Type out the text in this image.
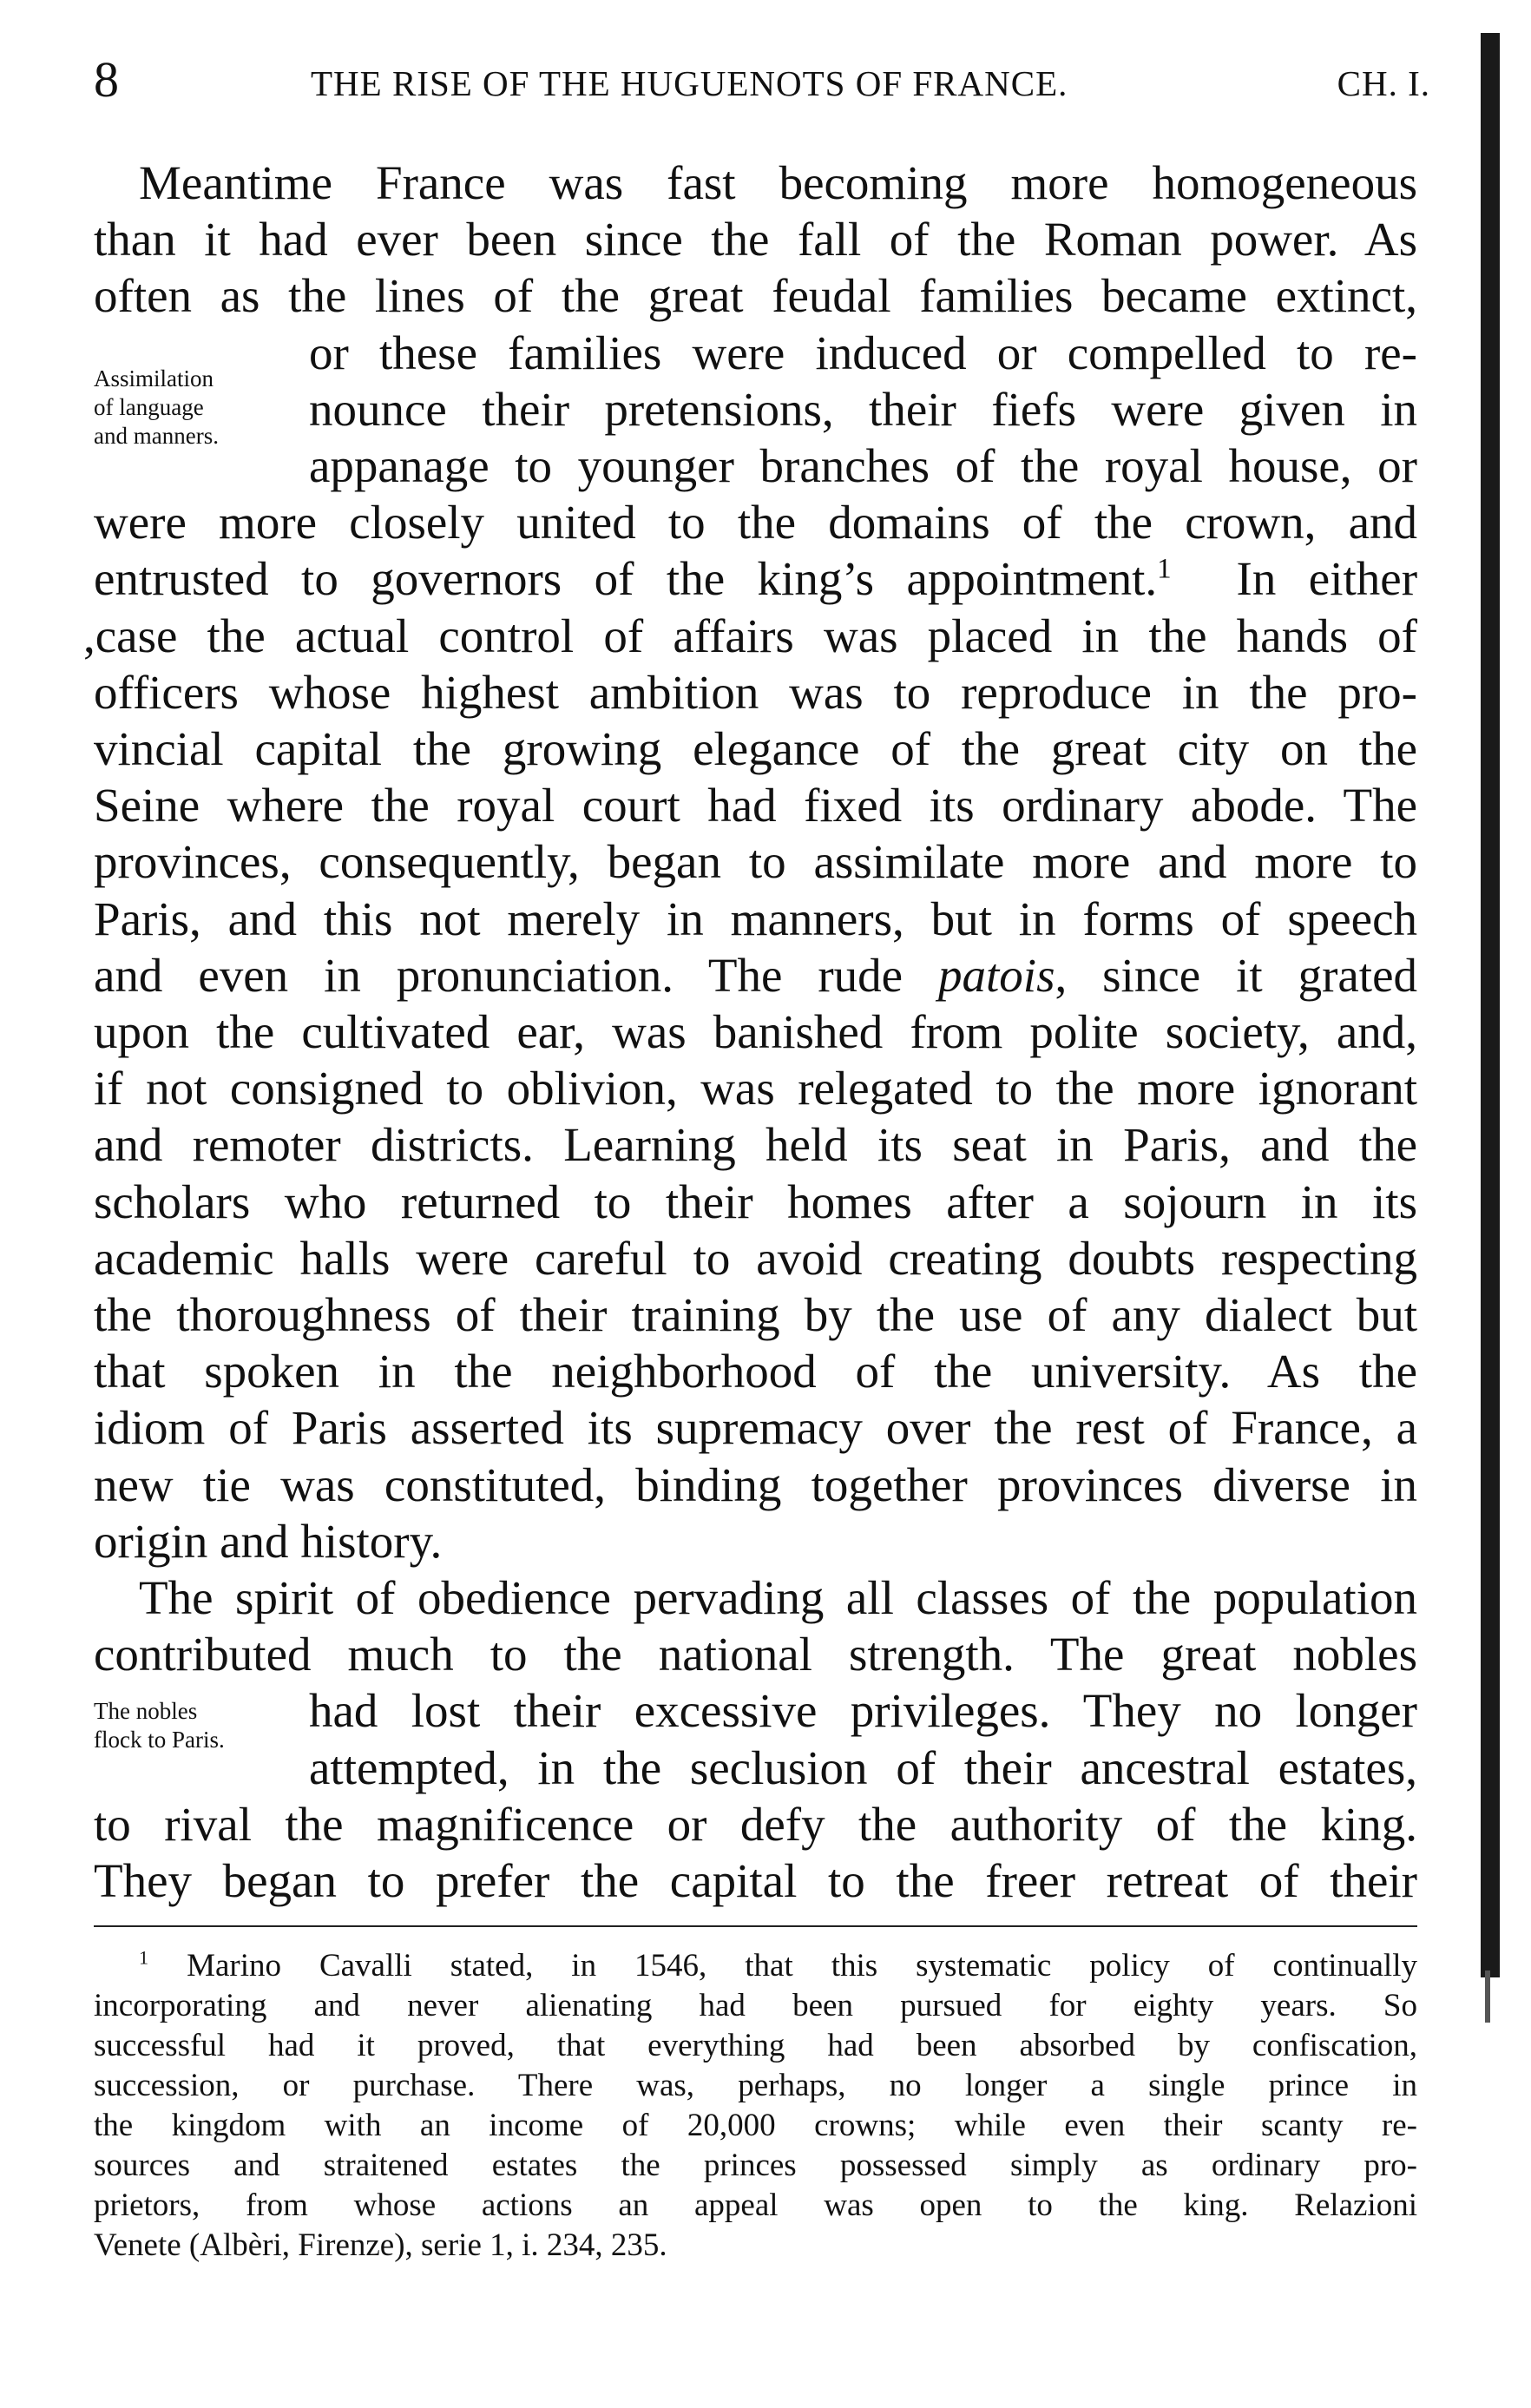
8	THE RISE OF THE HUGUENOTS OF FRANCE.	CH. I.
Assimilation
of language
and manners.
The nobles
flock to Paris.
Meantime France was fast becoming more homogeneous
than it had ever been since the fall of the Roman power. As
often as the lines of the great feudal families became extinct,
or these families were induced or compelled to re-
nounce their pretensions, their fiefs were given in
appanage to younger branches of the royal house, or
were more closely united to the domains of the crown, and
entrusted to governors of the king’s appointment.$^1$ In either
,case the actual control of affairs was placed in the hands of
officers whose highest ambition was to reproduce in the pro-
vincial capital the growing elegance of the great city on the
Seine where the royal court had fixed its ordinary abode. The
provinces, consequently, began to assimilate more and more to
Paris, and this not merely in manners, but in forms of speech
and even in pronunciation. The rude patois, since it grated
upon the cultivated ear, was banished from polite society, and,
if not consigned to oblivion, was relegated to the more ignorant
and remoter districts. Learning held its seat in Paris, and the
scholars who returned to their homes after a sojourn in its
academic halls were careful to avoid creating doubts respecting
the thoroughness of their training by the use of any dialect but
that spoken in the neighborhood of the university. As the
idiom of Paris asserted its supremacy over the rest of France, a
new tie was constituted, binding together provinces diverse in
origin and history.
The spirit of obedience pervading all classes of the population
contributed much to the national strength. The great nobles
had lost their excessive privileges. They no longer
attempted, in the seclusion of their ancestral estates,
to rival the magnificence or defy the authority of the king.
They began to prefer the capital to the freer retreat of their
$^1$ Marino Cavalli stated, in 1546, that this systematic policy of continually
incorporating and never alienating had been pursued for eighty years. So
successful had it proved, that everything had been absorbed by confiscation,
succession, or purchase. There was, perhaps, no longer a single prince in
the kingdom with an income of 20,000 crowns; while even their scanty re-
sources and straitened estates the princes possessed simply as ordinary pro-
prietors, from whose actions an appeal was open to the king. Relazioni
Venete (Albèri, Firenze), serie 1, i. 234, 235.
